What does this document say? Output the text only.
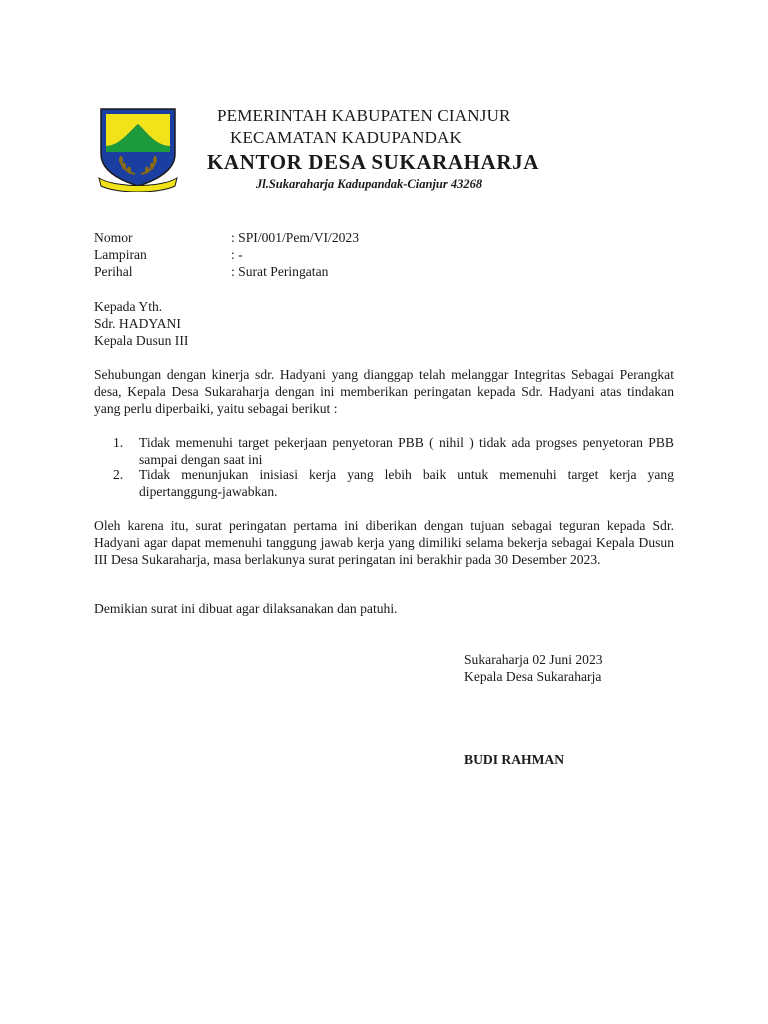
PEMERINTAH KABUPATEN CIANJUR
KECAMATAN KADUPANDAK
KANTOR DESA SUKARAHARJA
Jl.Sukaraharja Kadupandak-Cianjur 43268
Nomor	: SPI/001/Pem/VI/2023
Lampiran	: -
Perihal	: Surat Peringatan
Kepada Yth.
Sdr. HADYANI
Kepala Dusun III
Sehubungan dengan kinerja sdr. Hadyani yang dianggap telah melanggar Integritas Sebagai Perangkat desa, Kepala Desa Sukaraharja dengan ini memberikan peringatan kepada Sdr. Hadyani atas tindakan yang perlu diperbaiki, yaitu sebagai berikut :
1.	Tidak memenuhi target pekerjaan penyetoran PBB ( nihil ) tidak ada progses penyetoran PBB sampai dengan saat ini
2.	Tidak menunjukan inisiasi kerja yang lebih baik untuk memenuhi target kerja yang dipertanggung-jawabkan.
Oleh karena itu, surat peringatan pertama ini diberikan dengan tujuan sebagai teguran kepada Sdr. Hadyani agar dapat memenuhi tanggung jawab kerja yang dimiliki selama bekerja sebagai Kepala Dusun III Desa Sukaraharja, masa berlakunya surat peringatan ini berakhir pada 30 Desember 2023.
Demikian surat ini dibuat agar dilaksanakan dan patuhi.
Sukaraharja 02 Juni 2023
Kepala Desa Sukaraharja
BUDI RAHMAN
